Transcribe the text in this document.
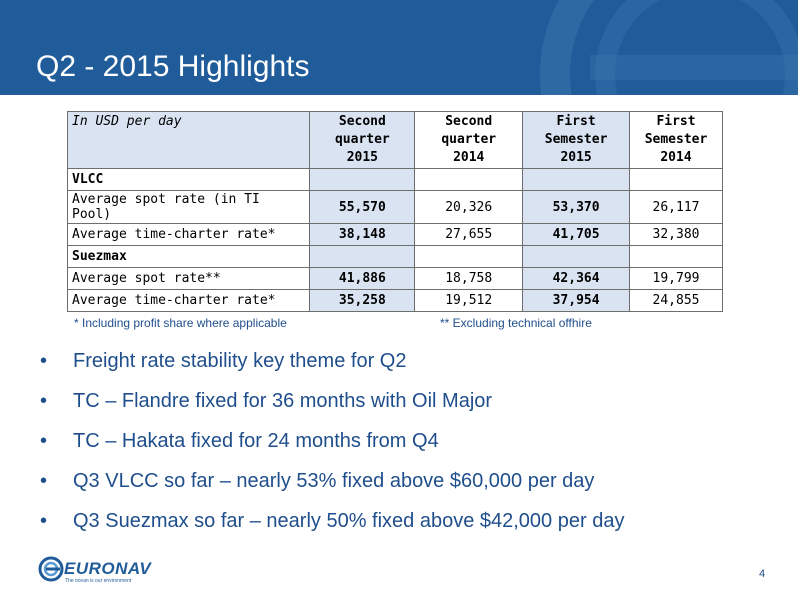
Q2 - 2015 Highlights
In USD per day	Second
quarter
2015	Second
quarter
2014	First
Semester
2015	First
Semester
2014
VLCC				
Average spot rate (in TI Pool)	55,570	20,326	53,370	26,117
Average time-charter rate*	38,148	27,655	41,705	32,380
Suezmax				
Average spot rate**	41,886	18,758	42,364	19,799
Average time-charter rate*	35,258	19,512	37,954	24,855
* Including profit share where applicable	** Excluding technical offhire
• Freight rate stability key theme for Q2
• TC – Flandre fixed for 36 months with Oil Major
• TC – Hakata fixed for 24 months from Q4
• Q3 VLCC so far – nearly 53% fixed above $60,000 per day
• Q3 Suezmax so far – nearly 50% fixed above $42,000 per day
EURONAV
The ocean is our environment
4
